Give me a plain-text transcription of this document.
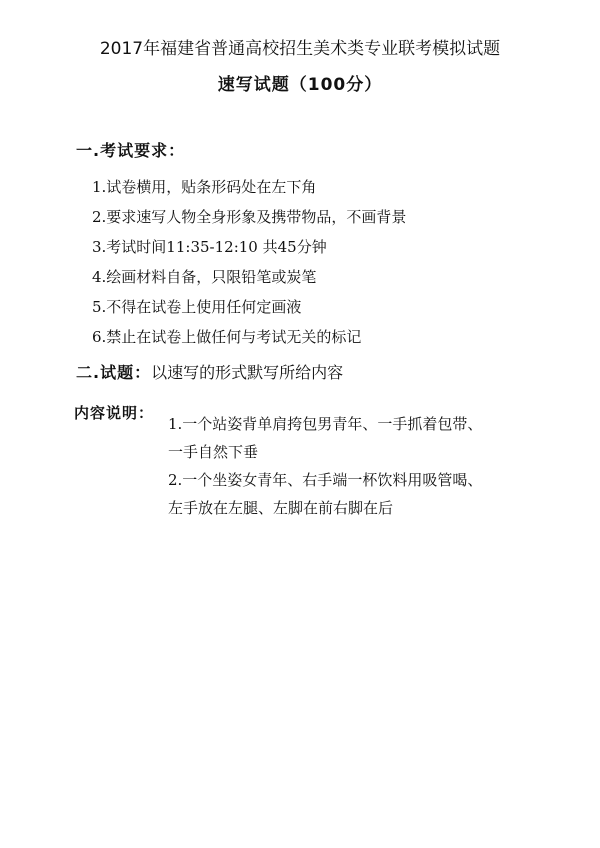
2017年福建省普通高校招生美术类专业联考模拟试题
速写试题（100分）
一.考试要求：
1.试卷横用，贴条形码处在左下角
2.要求速写人物全身形象及携带物品，不画背景
3.考试时间11:35-12:10 共45分钟
4.绘画材料自备，只限铅笔或炭笔
5.不得在试卷上使用任何定画液
6.禁止在试卷上做任何与考试无关的标记
二.试题：以速写的形式默写所给内容
内容说明：
1.一个站姿背单肩挎包男青年、一手抓着包带、
一手自然下垂
2.一个坐姿女青年、右手端一杯饮料用吸管喝、
左手放在左腿、左脚在前右脚在后
